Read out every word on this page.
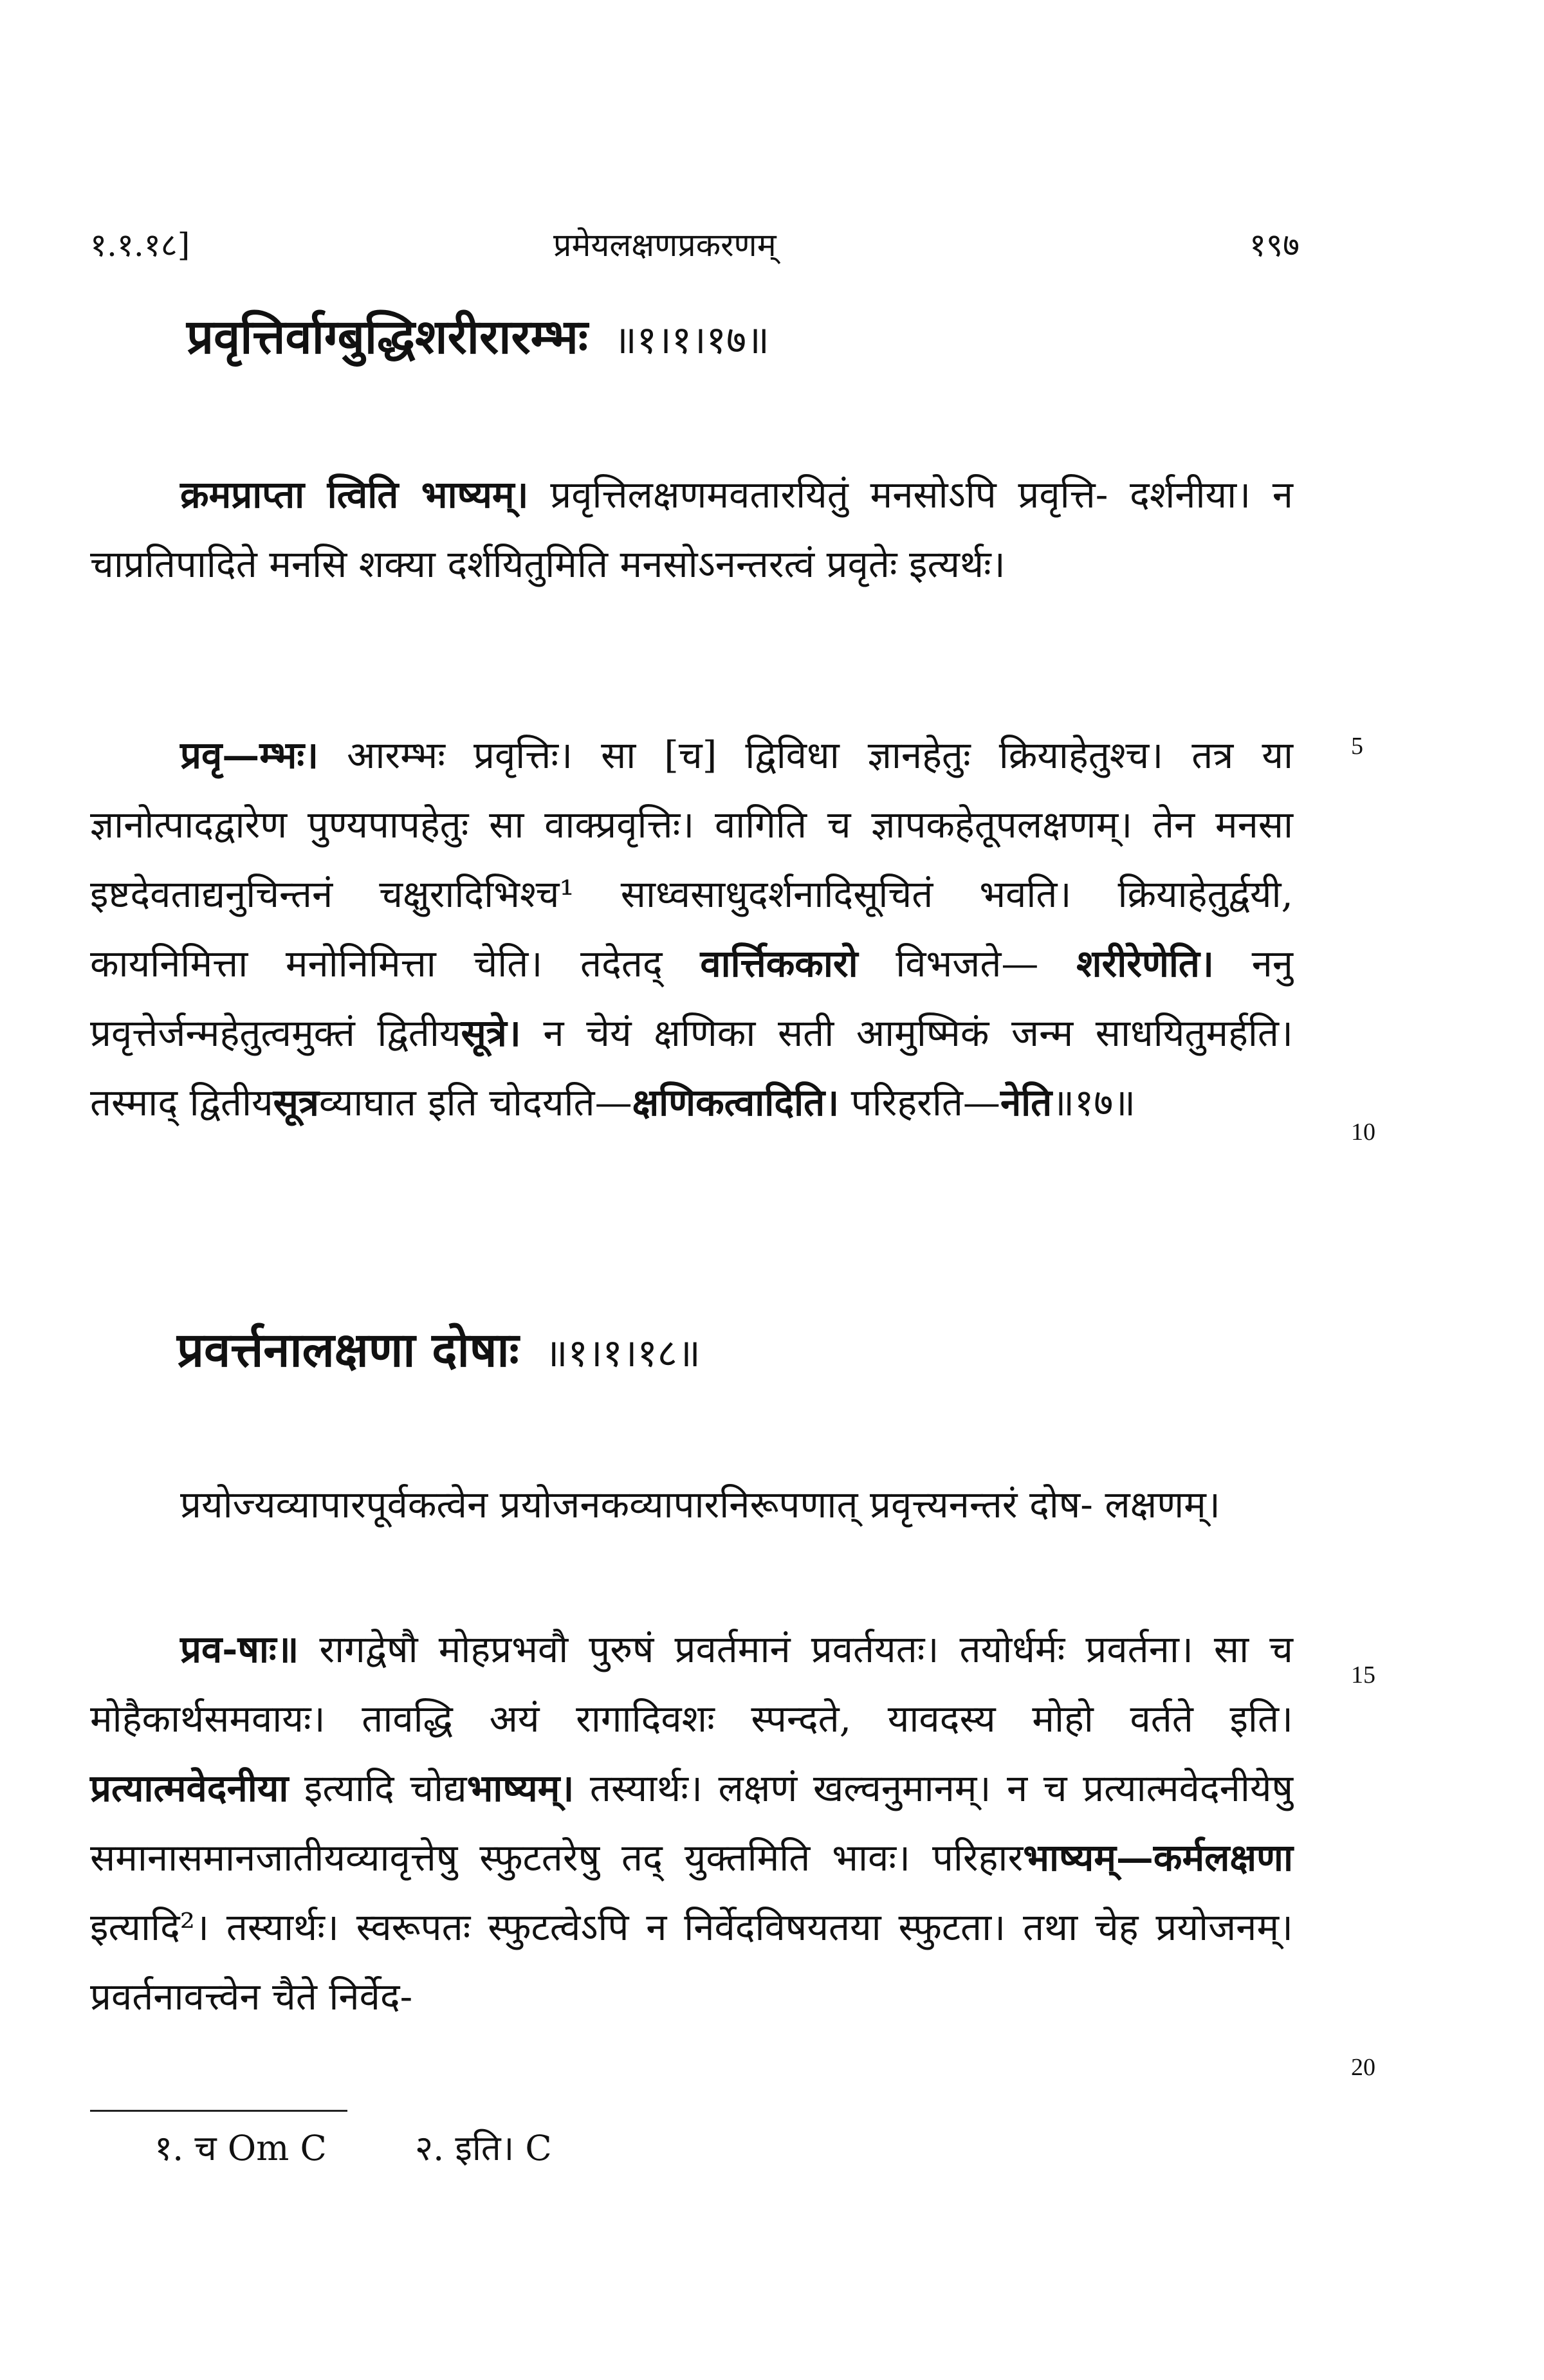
१.१.१८]	प्रमेयलक्षणप्रकरणम्	१९७
प्रवृत्तिर्वाग्बुद्धिशरीरारम्भः ॥१।१।१७॥
क्रमप्राप्ता त्विति भाष्यम्। प्रवृत्तिलक्षणमवतारयितुं मनसोऽपि प्रवृत्ति- दर्शनीया। न चाप्रतिपादिते मनसि शक्या दर्शयितुमिति मनसोऽनन्तरत्वं प्रवृतेः इत्यर्थः।
प्रवृ—म्भः। आरम्भः प्रवृत्तिः। सा [च] द्विविधा ज्ञानहेतुः क्रियाहेतुश्च। तत्र या ज्ञानोत्पादद्वारेण पुण्यपापहेतुः सा वाक्प्रवृत्तिः। वागिति च ज्ञापकहेतूपलक्षणम्। तेन मनसा इष्टदेवताद्यनुचिन्तनं चक्षुरादिभिश्च¹ साध्वसाधुदर्शनादिसूचितं भवति। क्रियाहेतुर्द्वयी, कायनिमित्ता मनोनिमित्ता चेति। तदेतद् वार्त्तिककारो विभजते— शरीरेणेति। ननु प्रवृत्तेर्जन्महेतुत्वमुक्तं द्वितीयसूत्रे। न चेयं क्षणिका सती आमुष्मिकं जन्म साधयितुमर्हति। तस्माद् द्वितीयसूत्रव्याघात इति चोदयति—क्षणिकत्वादिति। परिहरति—नेति॥१७॥
प्रवर्त्तनालक्षणा दोषाः ॥१।१।१८॥
प्रयोज्यव्यापारपूर्वकत्वेन प्रयोजनकव्यापारनिरूपणात् प्रवृत्त्यनन्तरं दोष- लक्षणम्।
प्रव-षाः॥ रागद्वेषौ मोहप्रभवौ पुरुषं प्रवर्तमानं प्रवर्तयतः। तयोर्धर्मः प्रवर्तना। सा च मोहैकार्थसमवायः। तावद्धि अयं रागादिवशः स्पन्दते, यावदस्य मोहो वर्तते इति। प्रत्यात्मवेदनीया इत्यादि चोद्यभाष्यम्। तस्यार्थः। लक्षणं खल्वनुमानम्। न च प्रत्यात्मवेदनीयेषु समानासमानजातीयव्यावृत्तेषु स्फुटतरेषु तद् युक्तमिति भावः। परिहारभाष्यम्—कर्मलक्षणा इत्यादि²। तस्यार्थः। स्वरूपतः स्फुटत्वेऽपि न निर्वेदविषयतया स्फुटता। तथा चेह प्रयोजनम्। प्रवर्तनावत्त्वेन चैते निर्वेद-
5
10
15
20
१. च Om C	२. इति। C
